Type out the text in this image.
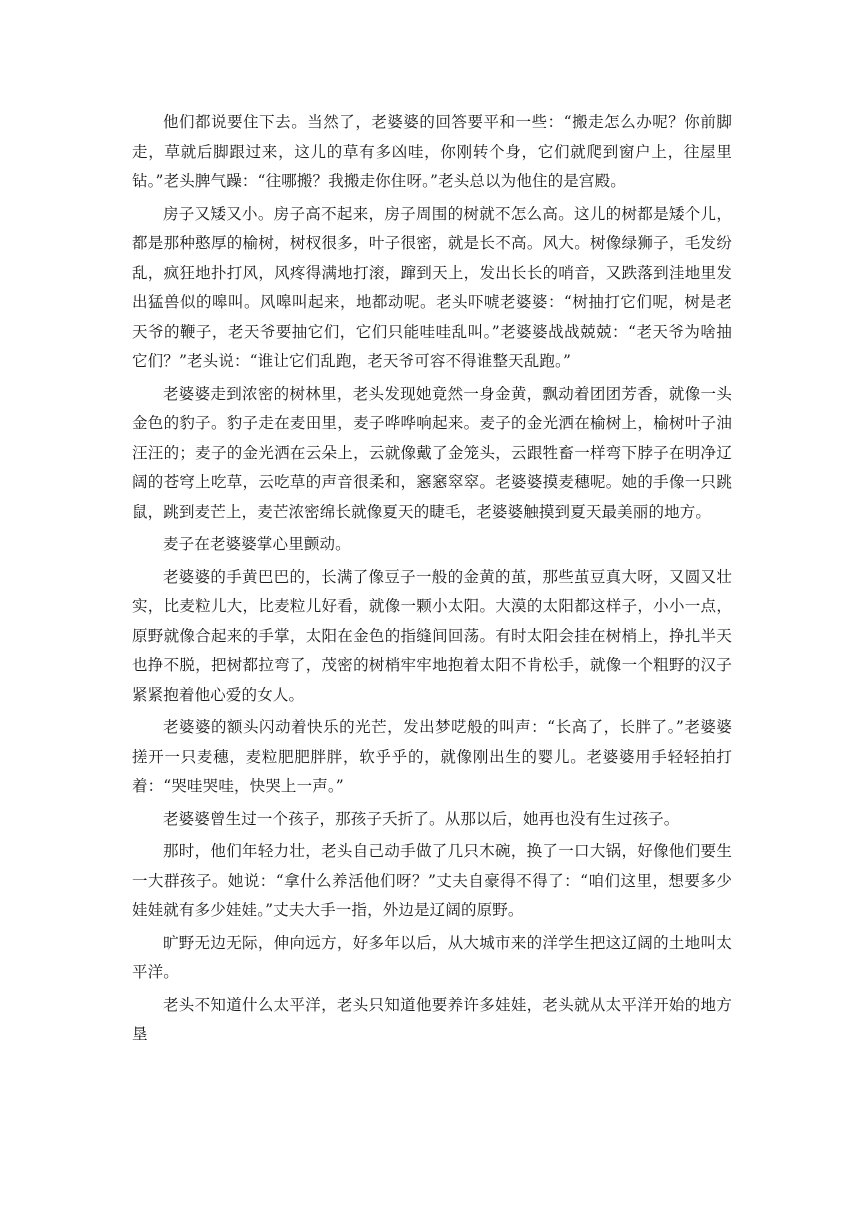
他们都说要住下去。当然了，老婆婆的回答要平和一些：“搬走怎么办呢？你前脚走，草就后脚跟过来，这儿的草有多凶哇，你刚转个身，它们就爬到窗户上，往屋里钻。”老头脾气躁：“往哪搬？我搬走你住呀。”老头总以为他住的是宫殿。

房子又矮又小。房子高不起来，房子周围的树就不怎么高。这儿的树都是矮个儿，都是那种憨厚的榆树，树杈很多，叶子很密，就是长不高。风大。树像绿狮子，毛发纷乱，疯狂地扑打风，风疼得满地打滚，蹿到天上，发出长长的哨音，又跌落到洼地里发出猛兽似的嗥叫。风嗥叫起来，地都动呢。老头吓唬老婆婆：“树抽打它们呢，树是老天爷的鞭子，老天爷要抽它们，它们只能哇哇乱叫。”老婆婆战战兢兢：“老天爷为啥抽它们？”老头说：“谁让它们乱跑，老天爷可容不得谁整天乱跑。”

老婆婆走到浓密的树林里，老头发现她竟然一身金黄，飘动着团团芳香，就像一头金色的豹子。豹子走在麦田里，麦子哗哗响起来。麦子的金光洒在榆树上，榆树叶子油汪汪的；麦子的金光洒在云朵上，云就像戴了金笼头，云跟牲畜一样弯下脖子在明净辽阔的苍穹上吃草，云吃草的声音很柔和，窸窸窣窣。老婆婆摸麦穗呢。她的手像一只跳鼠，跳到麦芒上，麦芒浓密绵长就像夏天的睫毛，老婆婆触摸到夏天最美丽的地方。

麦子在老婆婆掌心里颤动。

老婆婆的手黄巴巴的，长满了像豆子一般的金黄的茧，那些茧豆真大呀，又圆又壮实，比麦粒儿大，比麦粒儿好看，就像一颗小太阳。大漠的太阳都这样子，小小一点，原野就像合起来的手掌，太阳在金色的指缝间回荡。有时太阳会挂在树梢上，挣扎半天也挣不脱，把树都拉弯了，茂密的树梢牢牢地抱着太阳不肯松手，就像一个粗野的汉子紧紧抱着他心爱的女人。

老婆婆的额头闪动着快乐的光芒，发出梦呓般的叫声：“长高了，长胖了。”老婆婆搓开一只麦穗，麦粒肥肥胖胖，软乎乎的，就像刚出生的婴儿。老婆婆用手轻轻拍打着：“哭哇哭哇，快哭上一声。”

老婆婆曾生过一个孩子，那孩子夭折了。从那以后，她再也没有生过孩子。

那时，他们年轻力壮，老头自己动手做了几只木碗，换了一口大锅，好像他们要生一大群孩子。她说：“拿什么养活他们呀？”丈夫自豪得不得了：“咱们这里，想要多少娃娃就有多少娃娃。”丈夫大手一指，外边是辽阔的原野。

旷野无边无际，伸向远方，好多年以后，从大城市来的洋学生把这辽阔的土地叫太平洋。

老头不知道什么太平洋，老头只知道他要养许多娃娃，老头就从太平洋开始的地方垦
